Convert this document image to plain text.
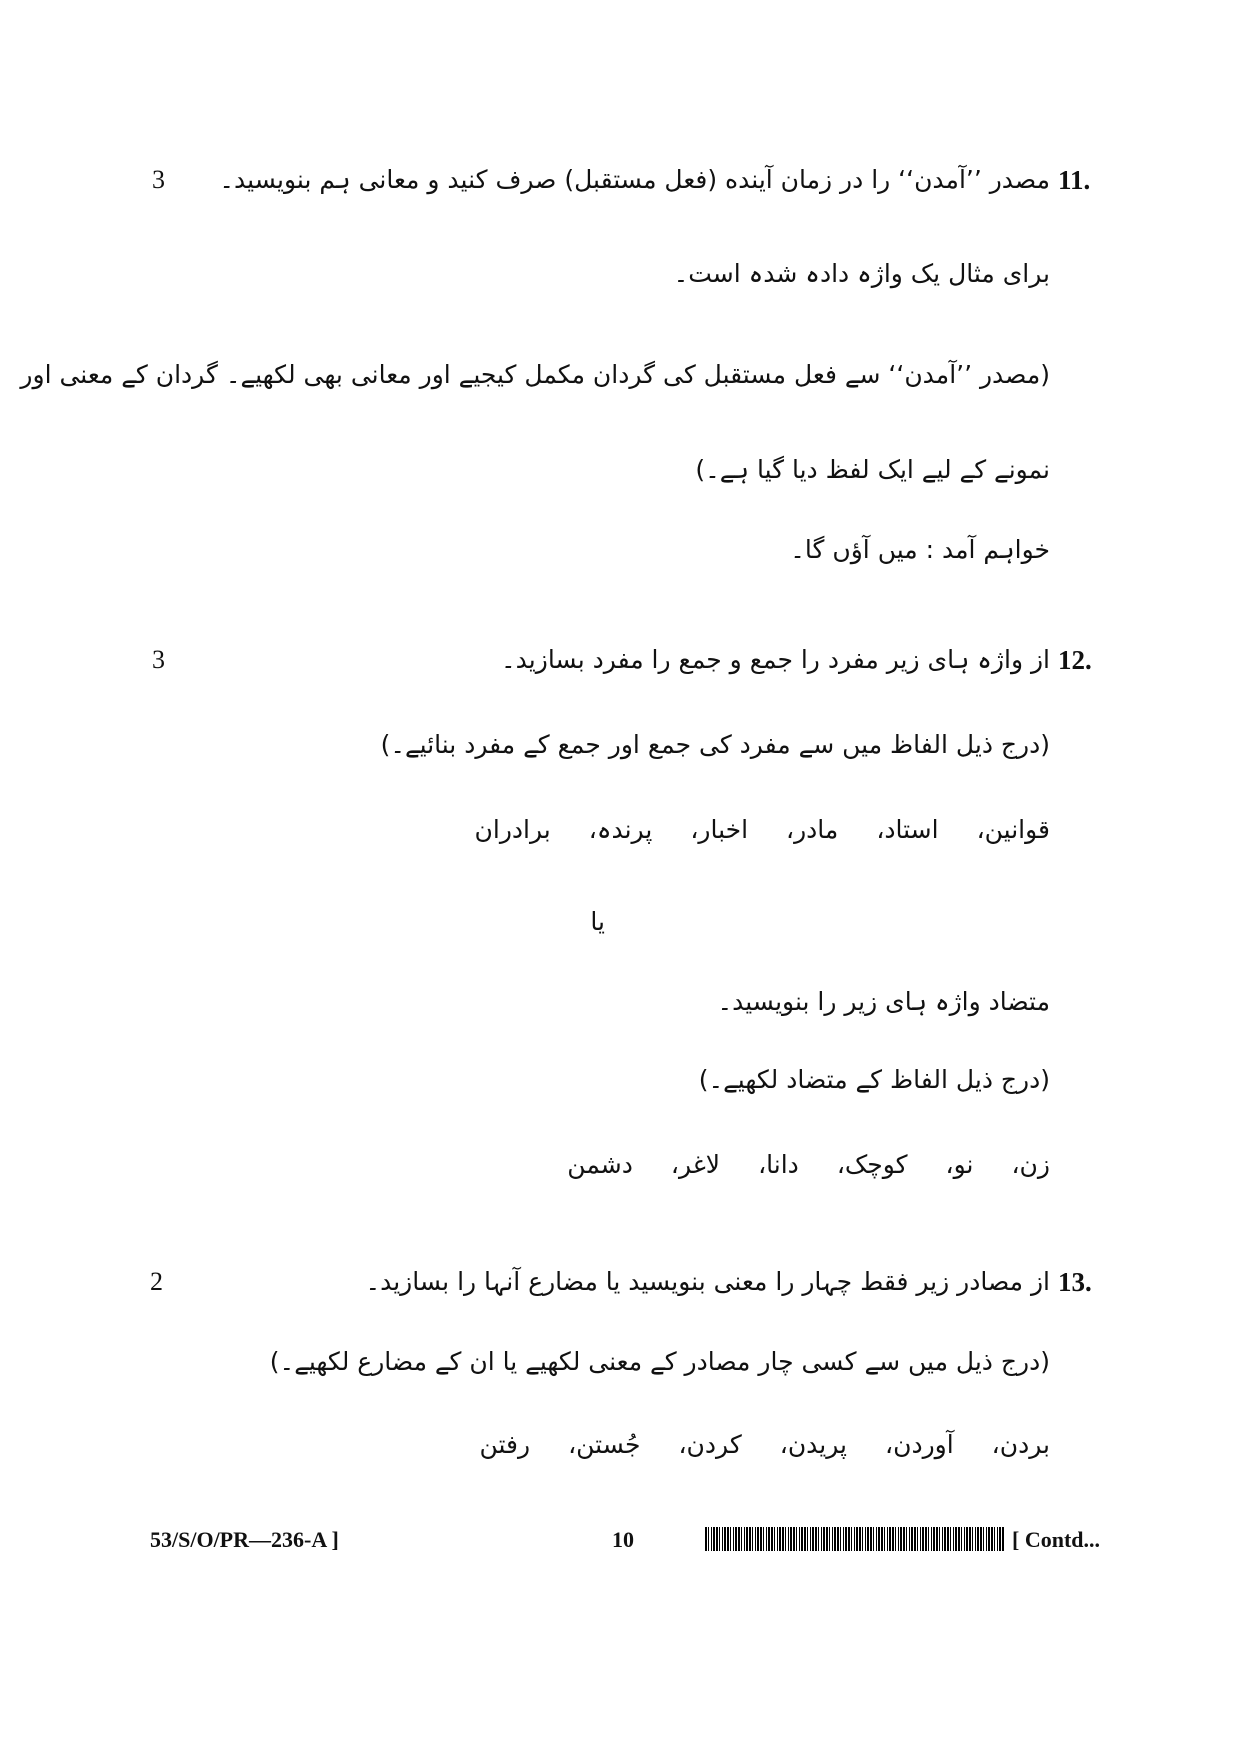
3	11.
مصدر ’’آمدن‘‘ را در زمان آینده (فعل مستقبل) صرف کنید و معانی ہم بنویسید۔
برای مثال یک واژہ دادہ شدہ است۔
(مصدر ’’آمدن‘‘ سے فعل مستقبل کی گردان مکمل کیجیے اور معانی بھی لکھیے۔ گردان کے معنی اور
نمونے کے لیے ایک لفظ دیا گیا ہے۔)
خواہم آمد : میں آؤں گا۔
3	12.
از واژہ ہای زیر مفرد را جمع و جمع را مفرد بسازید۔
(درج ذیل الفاظ میں سے مفرد کی جمع اور جمع کے مفرد بنائیے۔)
قوانین،
استاد،
مادر،
اخبار،
پرندہ،
برادران
یا
متضاد واژہ ہای زیر را بنویسید۔
(درج ذیل الفاظ کے متضاد لکھیے۔)
زن،
نو،
کوچک،
دانا،
لاغر،
دشمن
2	13.
از مصادر زیر فقط چہار را معنی بنویسید یا مضارع آنہا را بسازید۔
(درج ذیل میں سے کسی چار مصادر کے معنی لکھیے یا ان کے مضارع لکھیے۔)
بردن،
آوردن،
پریدن،
کردن،
جُستن،
رفتن
53/S/O/PR—236-A ]	10	[ Contd...
